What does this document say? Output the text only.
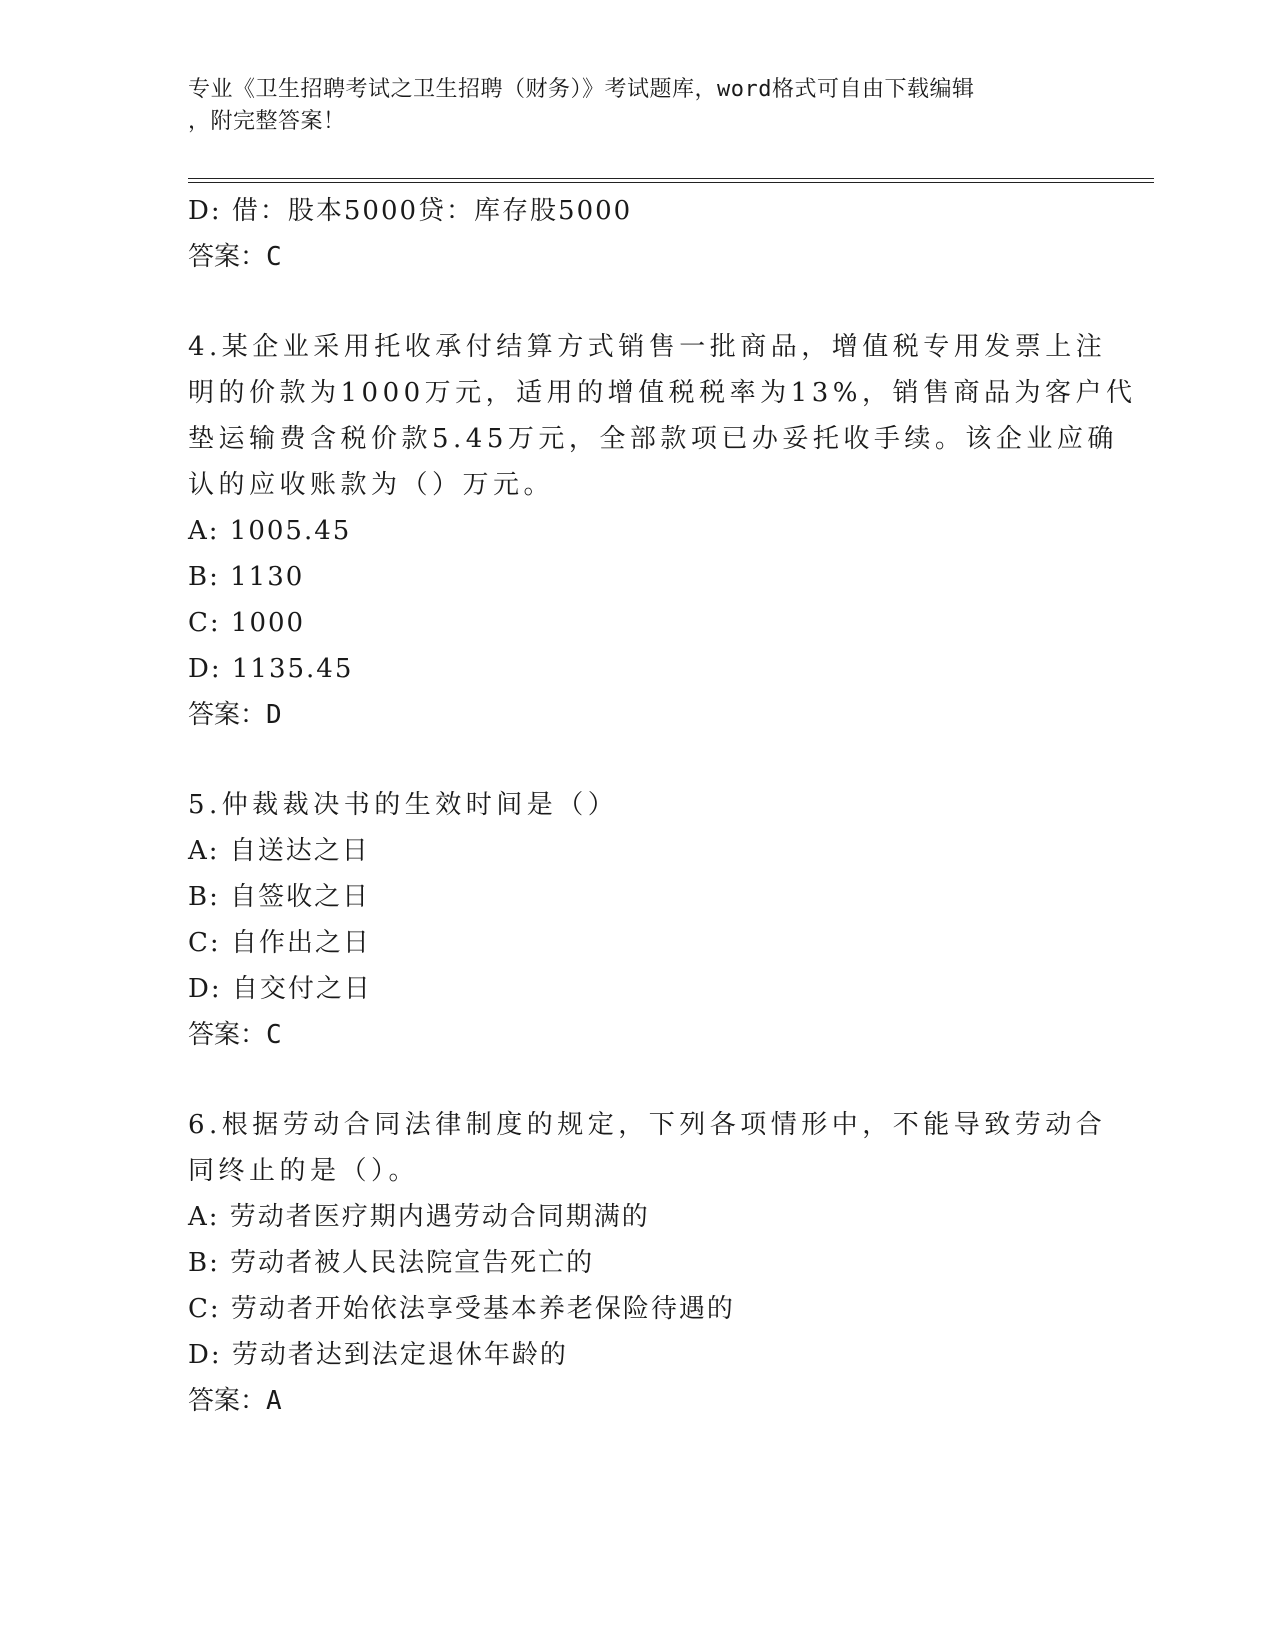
专业《卫生招聘考试之卫生招聘（财务）》考试题库，word格式可自由下载编辑
，附完整答案！
D: 借：股本5000贷：库存股5000
答案：C
4.某企业采用托收承付结算方式销售一批商品，增值税专用发票上注
明的价款为1000万元，适用的增值税税率为13%，销售商品为客户代
垫运输费含税价款5.45万元，全部款项已办妥托收手续。该企业应确
认的应收账款为（）万元。
A: 1005.45
B: 1130
C: 1000
D: 1135.45
答案：D
5.仲裁裁决书的生效时间是（）
A: 自送达之日
B: 自签收之日
C: 自作出之日
D: 自交付之日
答案：C
6.根据劳动合同法律制度的规定，下列各项情形中，不能导致劳动合
同终止的是（）。
A: 劳动者医疗期内遇劳动合同期满的
B: 劳动者被人民法院宣告死亡的
C: 劳动者开始依法享受基本养老保险待遇的
D: 劳动者达到法定退休年龄的
答案：A
